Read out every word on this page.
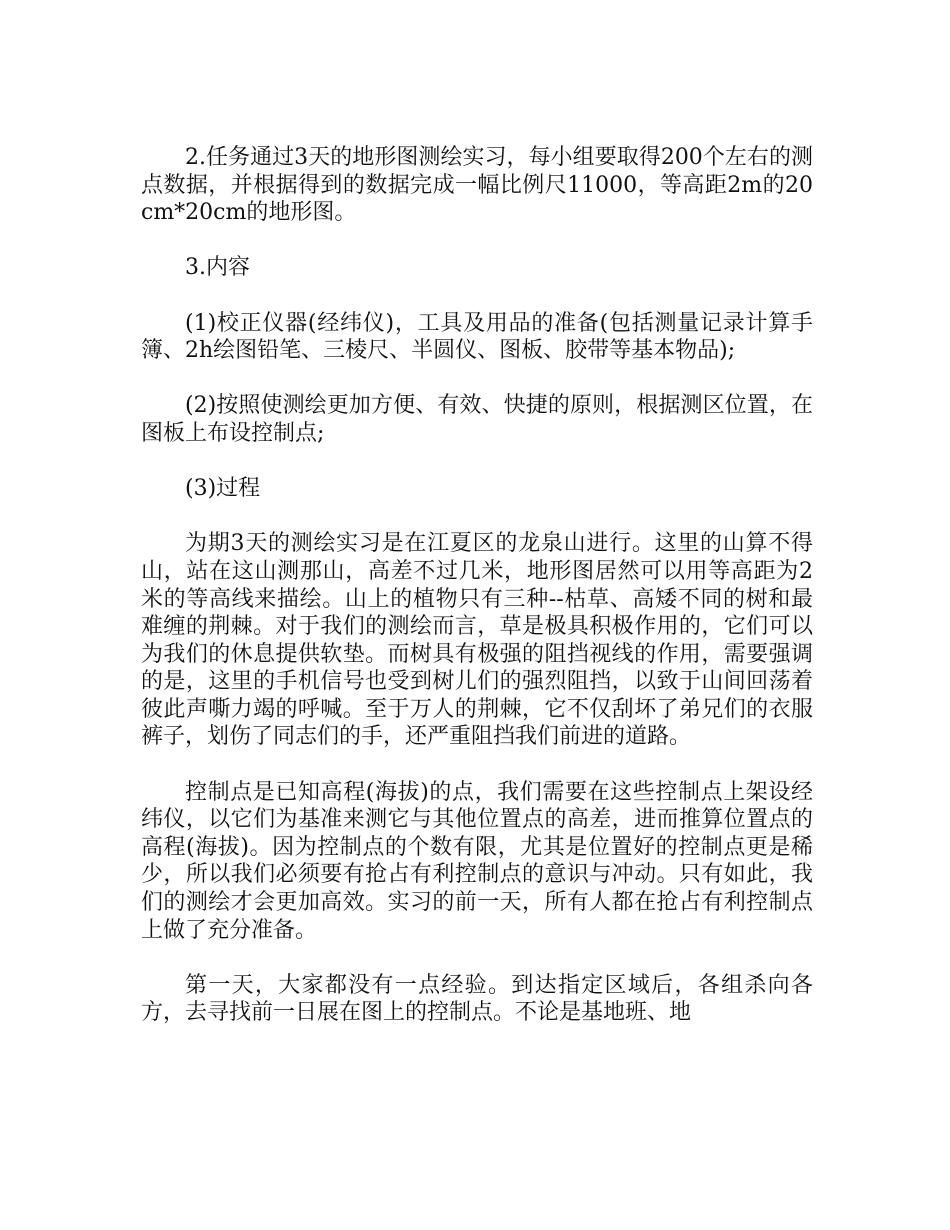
2.任务通过3天的地形图测绘实习，每小组要取得200个左右的测点数据，并根据得到的数据完成一幅比例尺11000，等高距2m的20cm*20cm的地形图。

3.内容

(1)校正仪器(经纬仪)，工具及用品的准备(包括测量记录计算手簿、2h绘图铅笔、三棱尺、半圆仪、图板、胶带等基本物品);

(2)按照使测绘更加方便、有效、快捷的原则，根据测区位置，在图板上布设控制点;

(3)过程

为期3天的测绘实习是在江夏区的龙泉山进行。这里的山算不得山，站在这山测那山，高差不过几米，地形图居然可以用等高距为2米的等高线来描绘。山上的植物只有三种--枯草、高矮不同的树和最难缠的荆棘。对于我们的测绘而言，草是极具积极作用的，它们可以为我们的休息提供软垫。而树具有极强的阻挡视线的作用，需要强调的是，这里的手机信号也受到树儿们的强烈阻挡，以致于山间回荡着彼此声嘶力竭的呼喊。至于万人的荆棘，它不仅刮坏了弟兄们的衣服裤子，划伤了同志们的手，还严重阻挡我们前进的道路。

控制点是已知高程(海拔)的点，我们需要在这些控制点上架设经纬仪，以它们为基准来测它与其他位置点的高差，进而推算位置点的高程(海拔)。因为控制点的个数有限，尤其是位置好的控制点更是稀少，所以我们必须要有抢占有利控制点的意识与冲动。只有如此，我们的测绘才会更加高效。实习的前一天，所有人都在抢占有利控制点上做了充分准备。

第一天，大家都没有一点经验。到达指定区域后，各组杀向各方，去寻找前一日展在图上的控制点。不论是基地班、地
